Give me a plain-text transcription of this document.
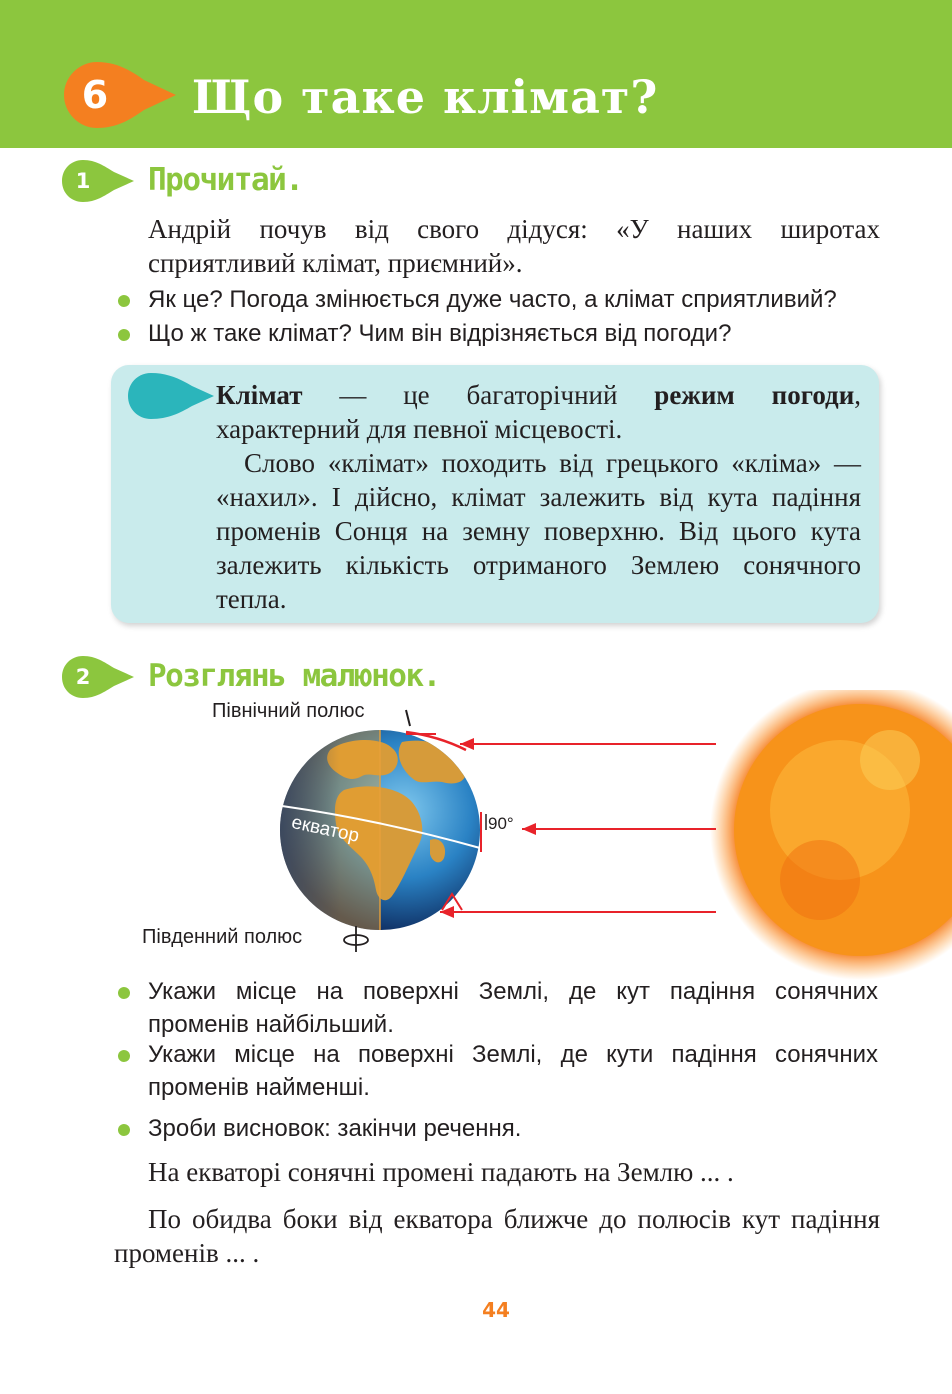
6	Що таке клімат?
1	Прочитай.
Андрій почув від свого дідуся: «У наших широтах сприятливий клімат, приємний».
Як це? Погода змінюється дуже часто, а клімат сприятливий?
Що ж таке клімат? Чим він відрізняється від погоди?
Клімат — це багаторічний режим погоди, характерний для певної місцевості.
Слово «клімат» походить від грецького «кліма» — «нахил». І дійсно, клімат залежить від кута падіння променів Сонця на земну поверхню. Від цього кута залежить кількість отриманого Землею сонячного тепла.
2	Розглянь малюнок.
Північний полюс
Південний полюс
екватор	90°
Укажи місце на поверхні Землі, де кут падіння сонячних променів найбільший.
Укажи місце на поверхні Землі, де кути падіння сонячних променів найменші.
Зроби висновок: закінчи речення.
На екваторі сонячні промені падають на Землю ... .
По обидва боки від екватора ближче до полюсів кут падіння променів ... .
44
